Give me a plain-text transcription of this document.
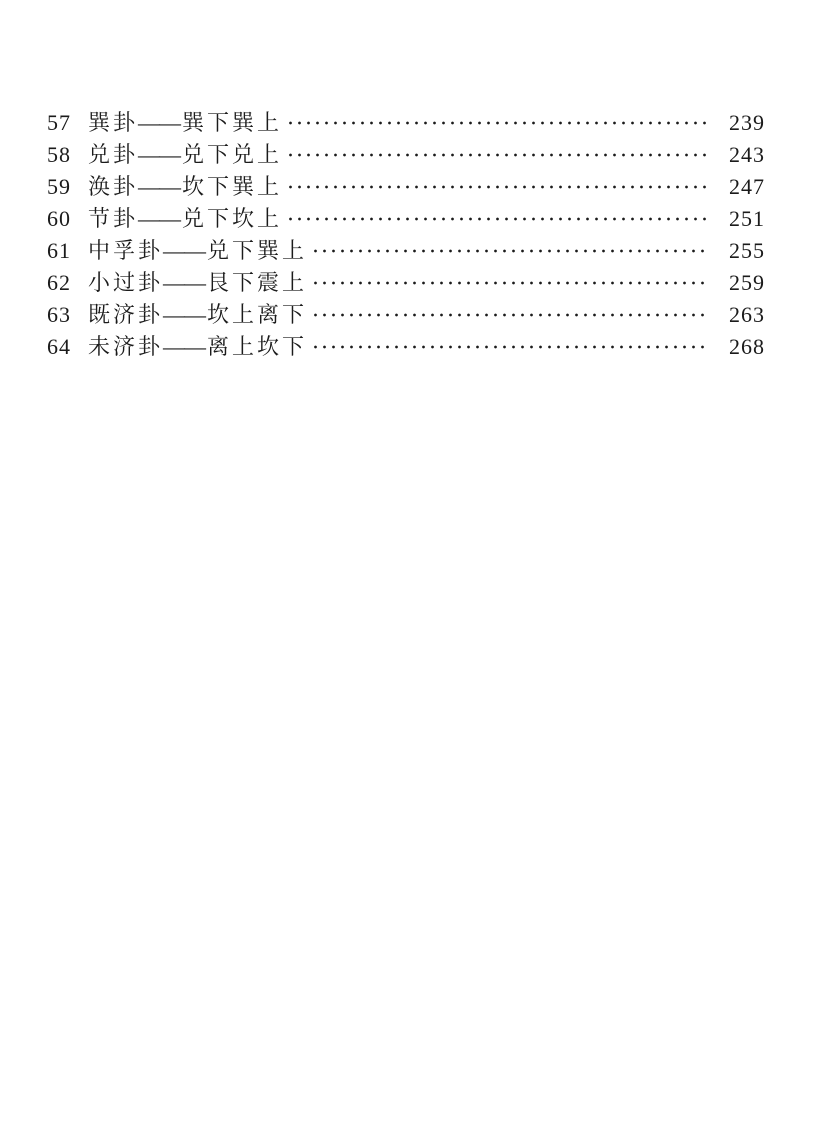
57 巽卦——巽下巽上	239
58 兑卦——兑下兑上	243
59 涣卦——坎下巽上	247
60 节卦——兑下坎上	251
61 中孚卦——兑下巽上	255
62 小过卦——艮下震上	259
63 既济卦——坎上离下	263
64 未济卦——离上坎下	268
